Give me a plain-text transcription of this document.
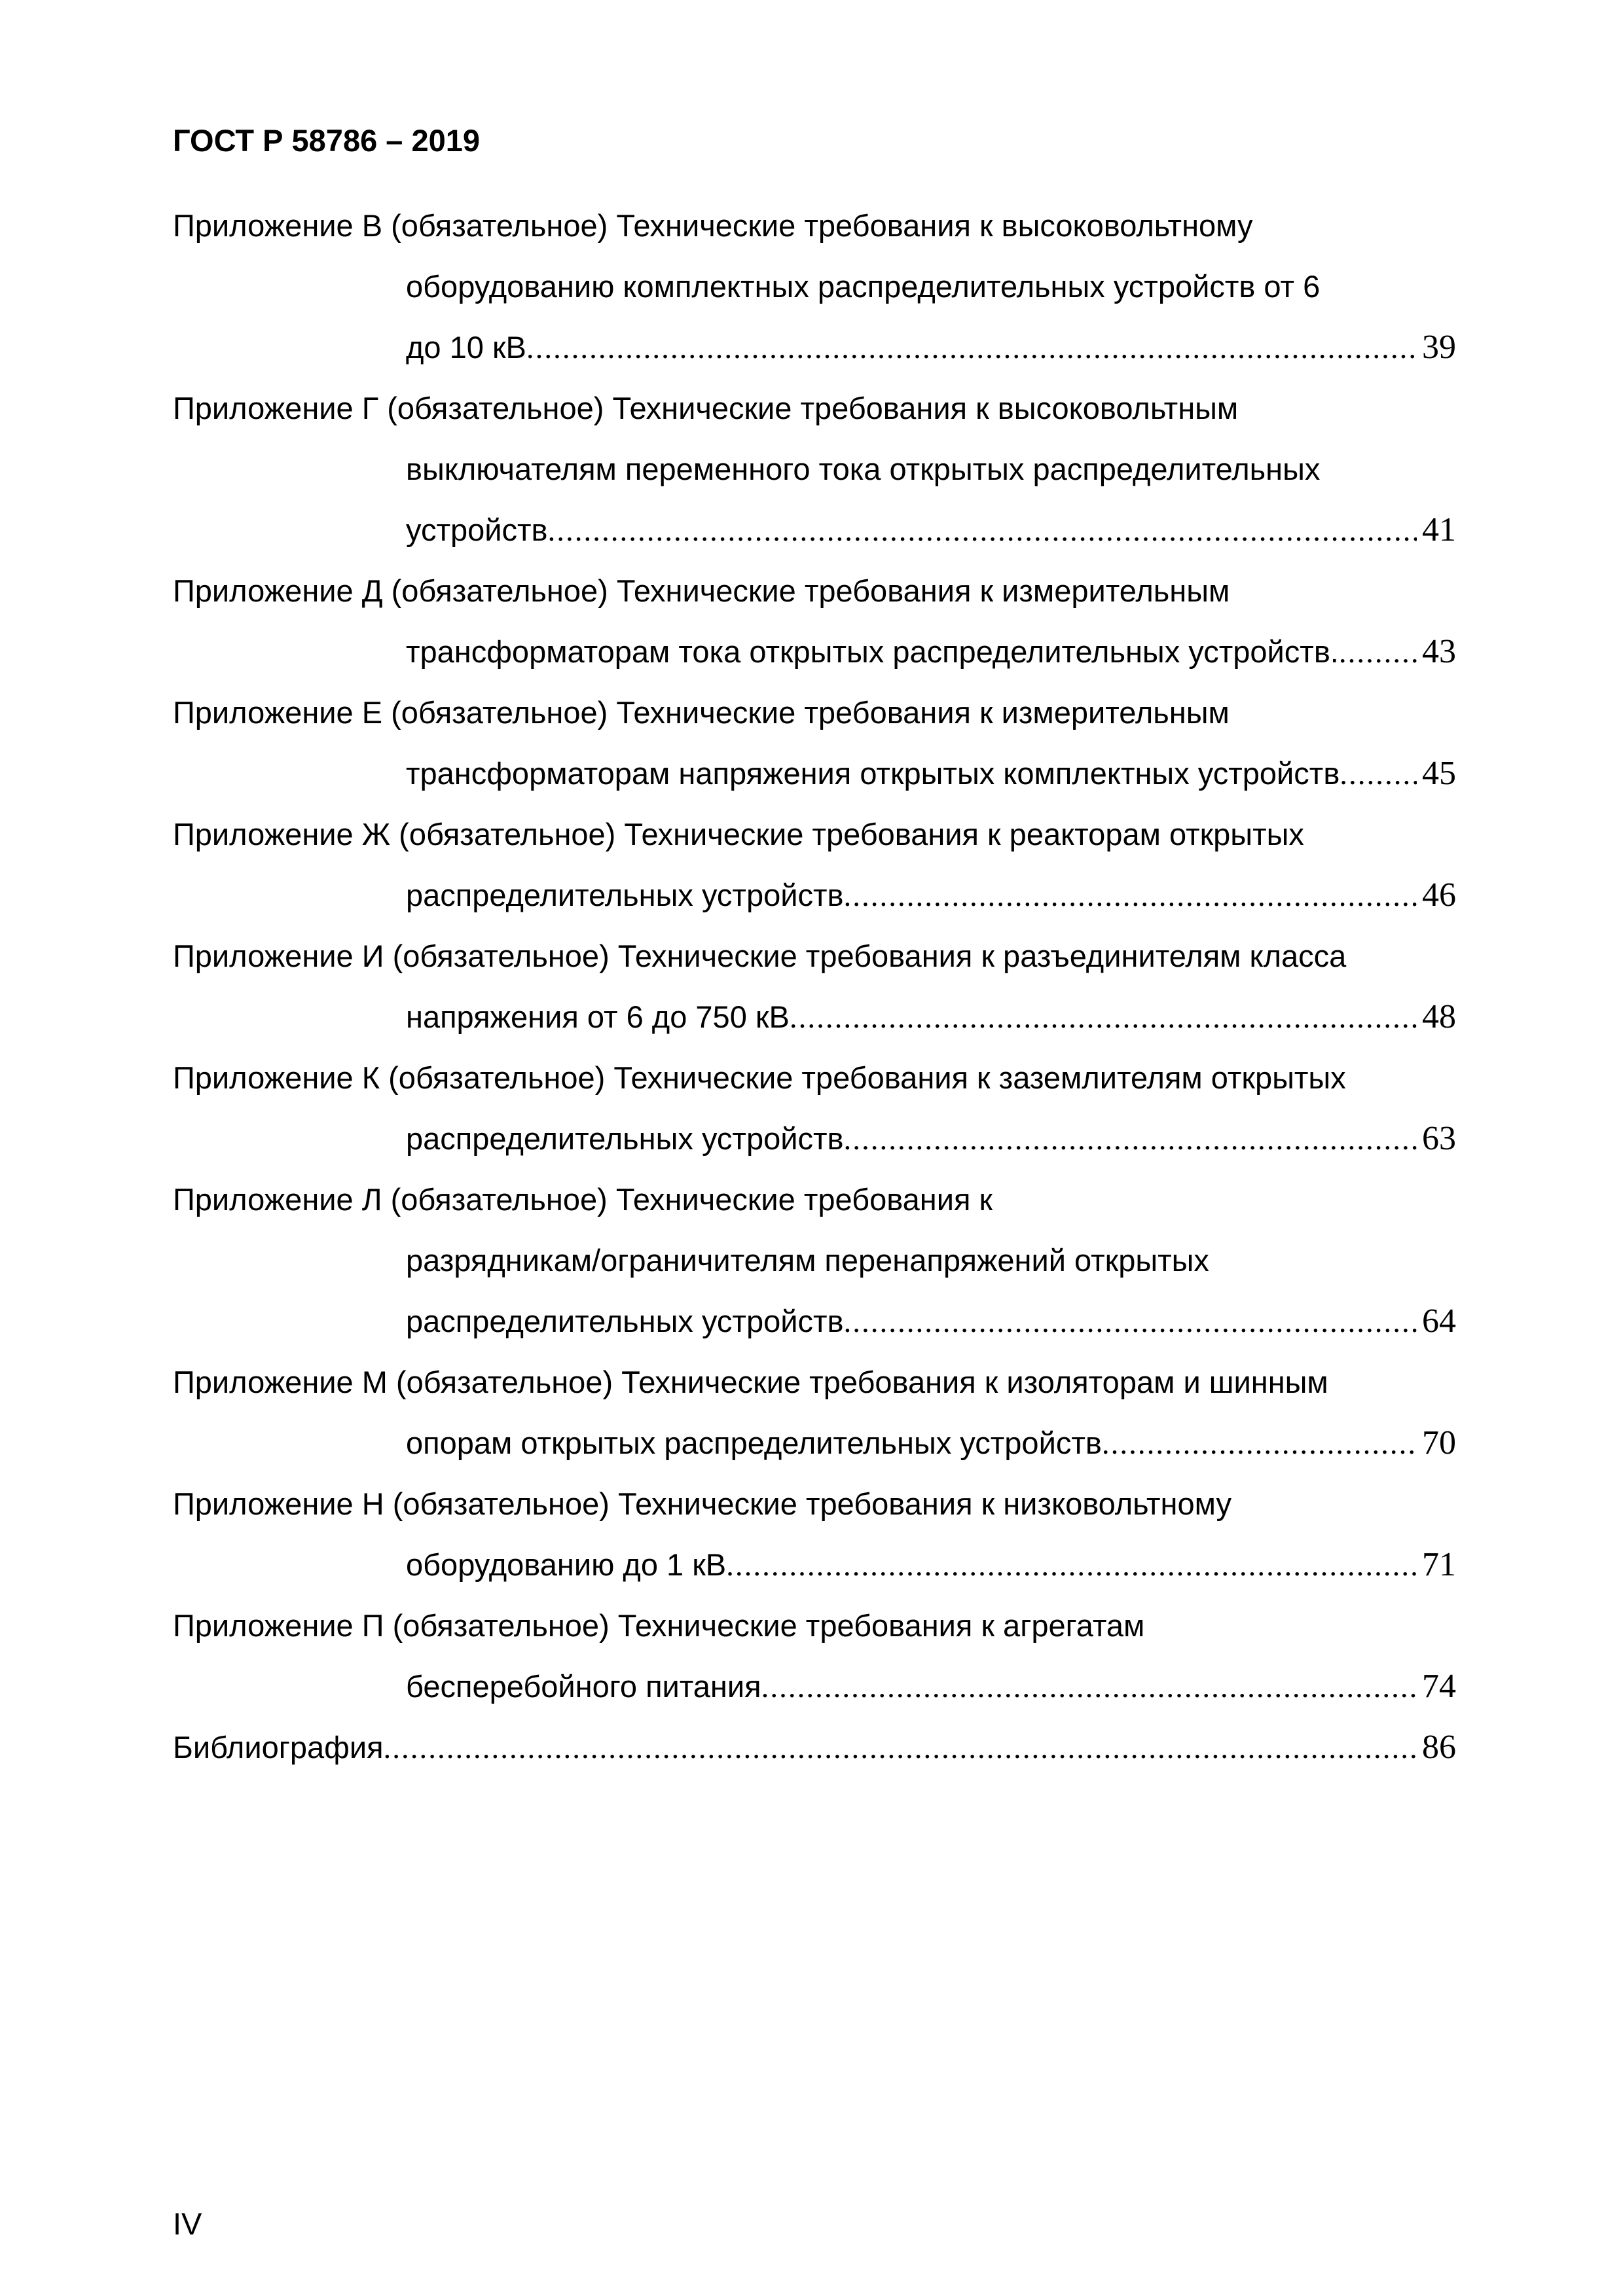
ГОСТ Р 58786 – 2019
Приложение В (обязательное) Технические требования к высоковольтному
оборудованию комплектных распределительных устройств от 6
до 10 кВ .....	39
Приложение Г (обязательное) Технические требования к высоковольтным
выключателям переменного тока открытых распределительных
устройств .....	41
Приложение Д (обязательное) Технические требования к измерительным
трансформаторам тока открытых распределительных устройств. ..... 43
Приложение Е (обязательное) Технические требования к измерительным
трансформаторам напряжения открытых комплектных устройств ..... 45
Приложение Ж (обязательное) Технические требования к реакторам открытых
распределительных устройств .....	46
Приложение И (обязательное) Технические требования к разъединителям класса
напряжения от 6 до 750 кВ .....	48
Приложение К (обязательное) Технические требования к заземлителям открытых
распределительных устройств .....	63
Приложение Л (обязательное) Технические требования к
разрядникам/ограничителям перенапряжений открытых
распределительных устройств .....	64
Приложение М (обязательное) Технические требования к изоляторам и шинным
опорам открытых распределительных устройств .....	70
Приложение Н (обязательное) Технические требования к низковольтному
оборудованию до 1 кВ .....	71
Приложение П (обязательное) Технические требования к агрегатам
бесперебойного питания .....	74
Библиография .....	86
IV
